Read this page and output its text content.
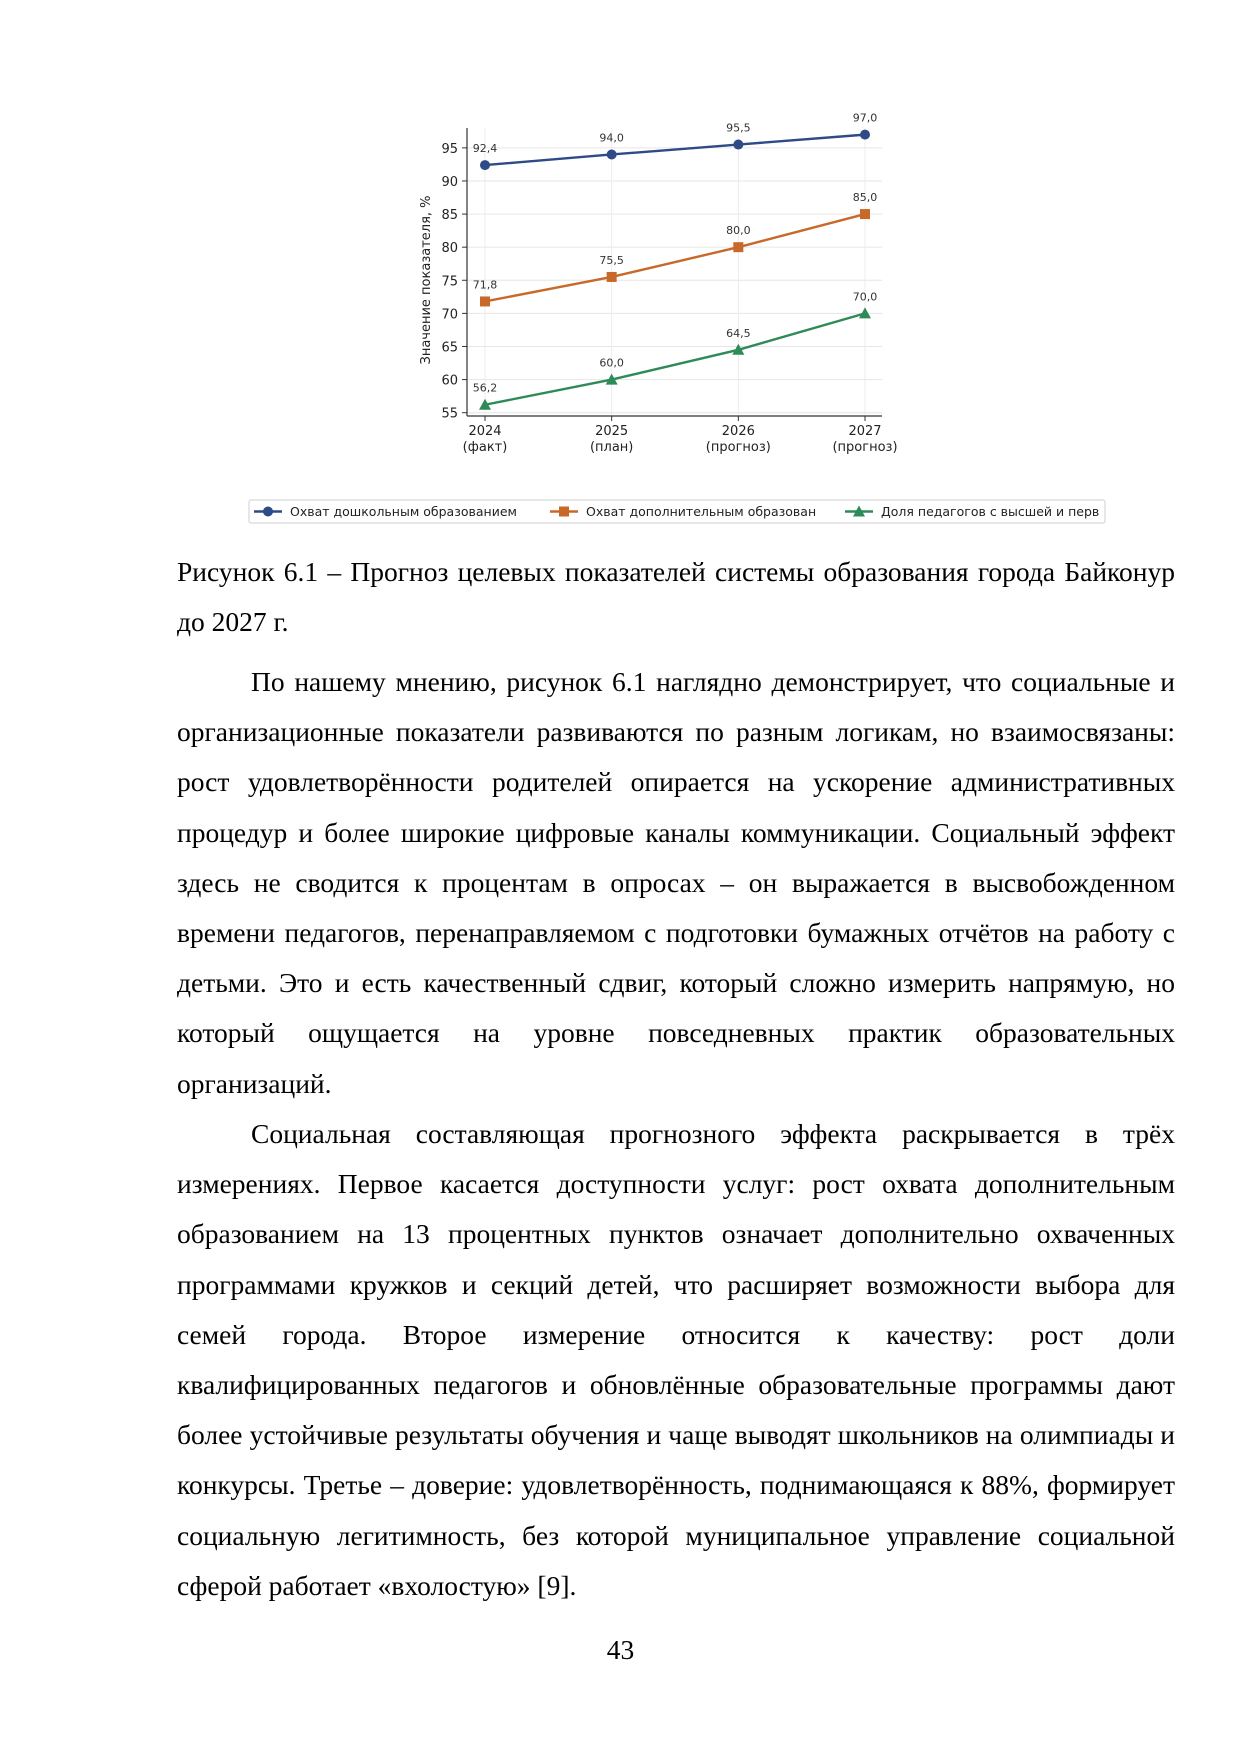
Значение показателя, %
55
60
65
70
75
80
85
90
95
2024
(факт)
2025
(план)
2026
(прогноз)
2027
(прогноз)
92,4
94,0
95,5
97,0
71,8
75,5
80,0
85,0
56,2
60,0
64,5
70,0
Охват дошкольным образованием	Охват дополнительным образован	Доля педагогов с высшей и перв

Рисунок 6.1 – Прогноз целевых показателей системы образования города Байконур до 2027 г.

По нашему мнению, рисунок 6.1 наглядно демонстрирует, что социальные и организационные показатели развиваются по разным логикам, но взаимосвязаны: рост удовлетворённости родителей опирается на ускорение административных процедур и более широкие цифровые каналы коммуникации. Социальный эффект здесь не сводится к процентам в опросах – он выражается в высвобожденном времени педагогов, перенаправляемом с подготовки бумажных отчётов на работу с детьми. Это и есть качественный сдвиг, который сложно измерить напрямую, но который ощущается на уровне повседневных практик образовательных организаций.

Социальная составляющая прогнозного эффекта раскрывается в трёх измерениях. Первое касается доступности услуг: рост охвата дополнительным образованием на 13 процентных пунктов означает дополнительно охваченных программами кружков и секций детей, что расширяет возможности выбора для семей города. Второе измерение относится к качеству: рост доли квалифицированных педагогов и обновлённые образовательные программы дают более устойчивые результаты обучения и чаще выводят школьников на олимпиады и конкурсы. Третье – доверие: удовлетворённость, поднимающаяся к 88%, формирует социальную легитимность, без которой муниципальное управление социальной сферой работает «вхолостую» [9].

43
